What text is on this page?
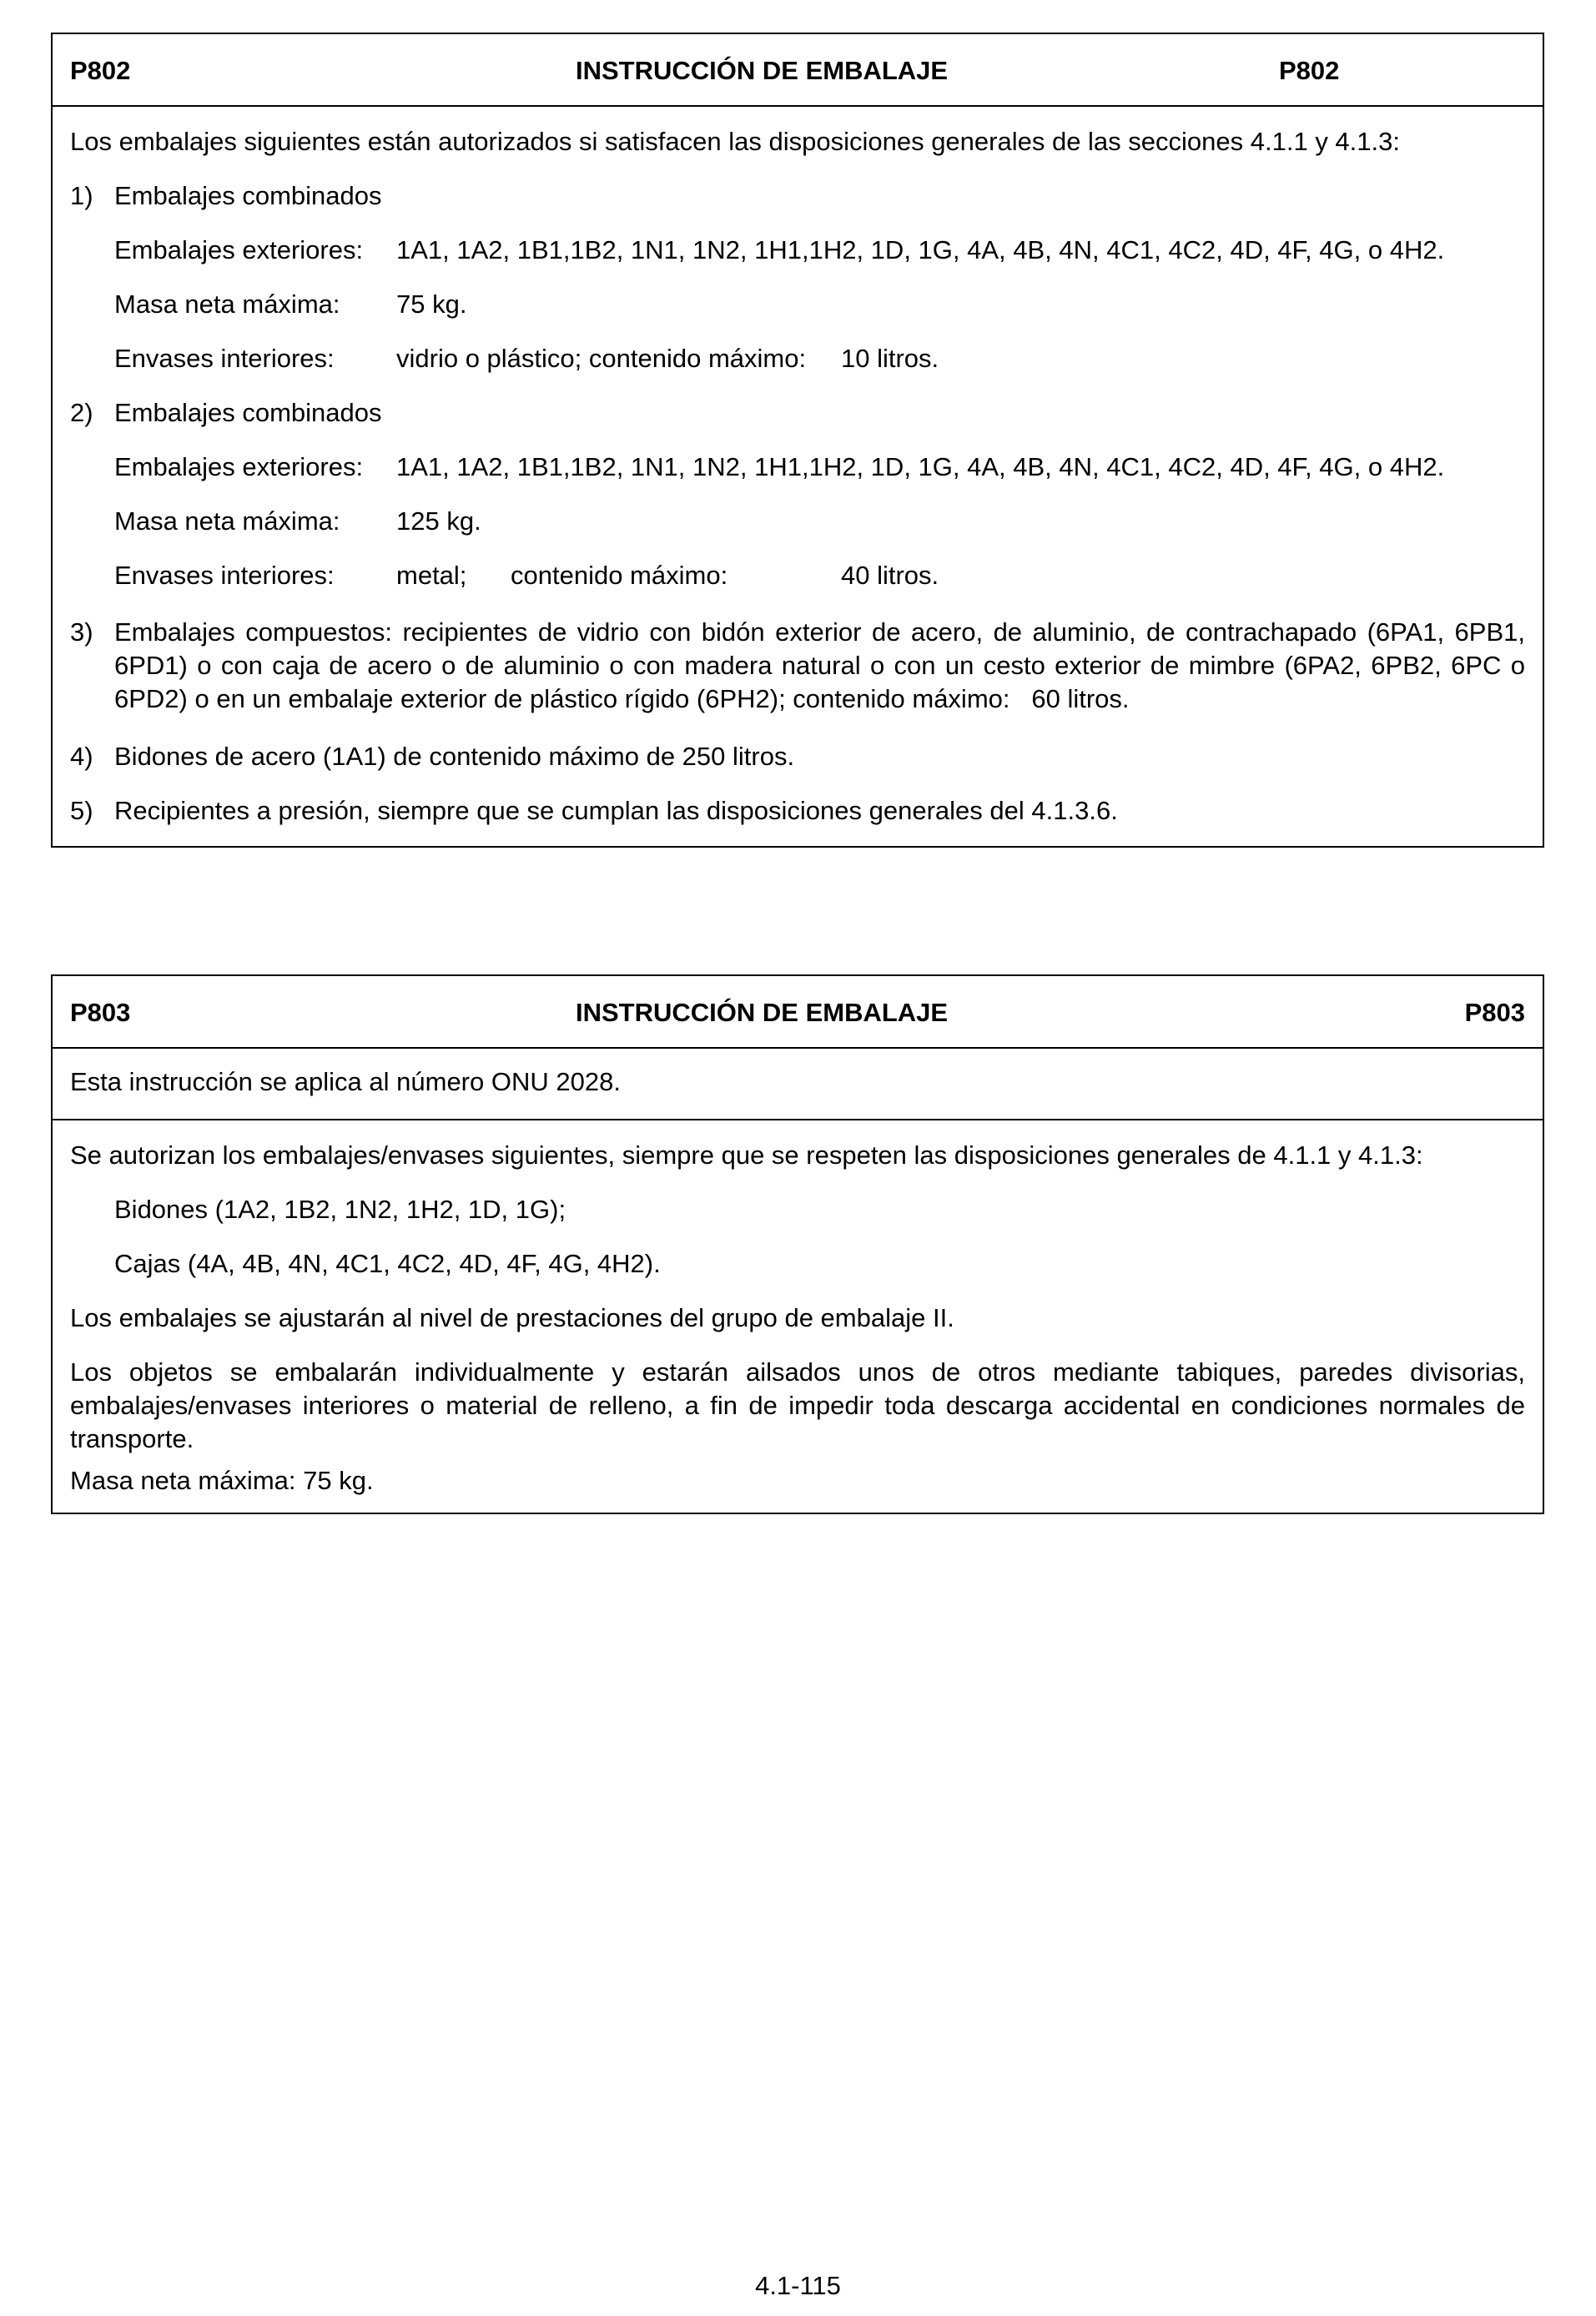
P802	INSTRUCCIÓN DE EMBALAJE	P802
Los embalajes siguientes están autorizados si satisfacen las disposiciones generales de las secciones 4.1.1 y 4.1.3:
1) Embalajes combinados
Embalajes exteriores: 1A1, 1A2, 1B1,1B2, 1N1, 1N2, 1H1,1H2, 1D, 1G, 4A, 4B, 4N, 4C1, 4C2, 4D, 4F, 4G, o 4H2.
Masa neta máxima: 75 kg.
Envases interiores: vidrio o plástico; contenido máximo: 10 litros.
2) Embalajes combinados
Embalajes exteriores: 1A1, 1A2, 1B1,1B2, 1N1, 1N2, 1H1,1H2, 1D, 1G, 4A, 4B, 4N, 4C1, 4C2, 4D, 4F, 4G, o 4H2.
Masa neta máxima: 125 kg.
Envases interiores: metal; contenido máximo:	40 litros.
3) Embalajes compuestos: recipientes de vidrio con bidón exterior de acero, de aluminio, de contrachapado (6PA1, 6PB1, 6PD1) o con caja de acero o de aluminio o con madera natural o con un cesto exterior de mimbre (6PA2, 6PB2, 6PC o 6PD2) o en un embalaje exterior de plástico rígido (6PH2); contenido máximo: 60 litros.
4) Bidones de acero (1A1) de contenido máximo de 250 litros.
5) Recipientes a presión, siempre que se cumplan las disposiciones generales del 4.1.3.6.
P803	INSTRUCCIÓN DE EMBALAJE	P803
Esta instrucción se aplica al número ONU 2028.
Se autorizan los embalajes/envases siguientes, siempre que se respeten las disposiciones generales de 4.1.1 y 4.1.3:
Bidones (1A2, 1B2, 1N2, 1H2, 1D, 1G);
Cajas (4A, 4B, 4N, 4C1, 4C2, 4D, 4F, 4G, 4H2).
Los embalajes se ajustarán al nivel de prestaciones del grupo de embalaje II.
Los objetos se embalarán individualmente y estarán ailsados unos de otros mediante tabiques, paredes divisorias, embalajes/envases interiores o material de relleno, a fin de impedir toda descarga accidental en condiciones normales de transporte.
Masa neta máxima: 75 kg.
4.1-115
